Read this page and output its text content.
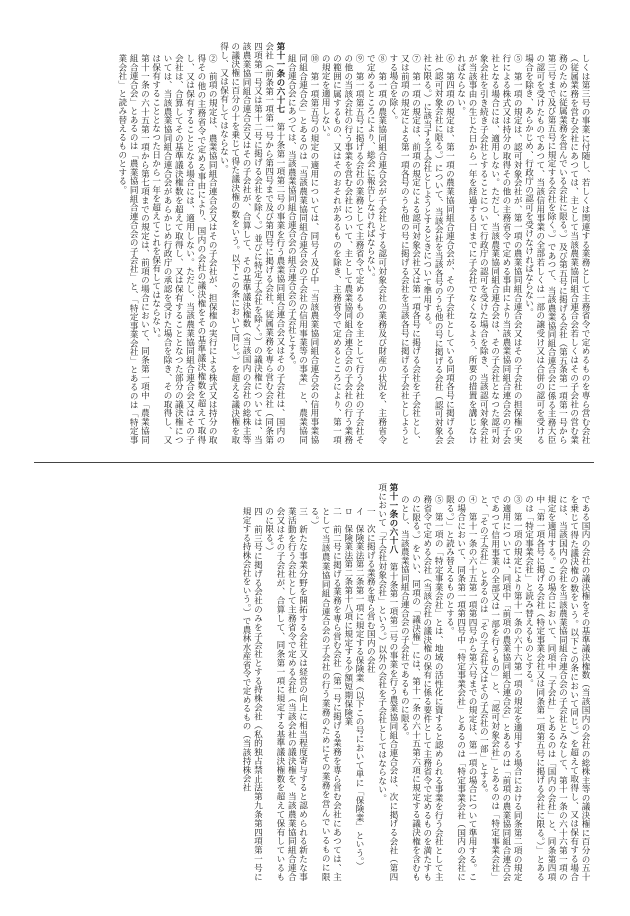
しくは第三号の事業に付随し、若しくは関連する業務として主務省令で定めるものを専ら営む会社（従属業務を営む会社にあつては、主として当該農業協同組合連合会若しくはその子会社の営む業務のために従属業務を営んでいる会社に限る。）及び第五号に掲げる会社（第五条第一項第一号から第三号まで及び第五号に規定する会社を除く。）であつて、当該農業協同組合連合会に係る主務大臣の認可を受けたものであつて、当該信用事業の全部若しくは一部の譲受け又は合併の認可を受ける場合を除き、あらかじめ、行政庁の認可を受けなければならない。

⑤　第一項の規定は、認可対象会社が、第一項の農業協同組合連合会又はその子会社の担保権の実行による株式又は持分の取得その他の主務省令で定める事由により当該農業協同組合連合会の子会社となる場合には、適用しない。ただし、当該農業協同組合連合会は、その子会社となつた認可対象会社を引き続き子会社とすることについて行政庁の認可を受けた場合を除き、当該認可対象会社が当該事由の生じた日から一年を経過する日までに子会社でなくなるよう、所要の措置を講じなければならない。

⑥　第四項の規定は、第一項の農業協同組合連合会が、その子会社としている同項各号に掲げる会社（認可対象会社に限る。）について、当該会社を当該各号のうち他の号に掲げる会社（認可対象会社に限る。）に該当する子会社としようとするときについて準用する。

⑦　第一項の規定は、前項の規定による認可対象会社又は第一項各号に掲げる会社を子会社とし、又は前項の規定による第一項各号のうち他の号に掲げる会社を当該各号に掲げる子会社としようとする場合を除く。

⑧　第一項の農業協同組合連合会が子会社とする認可対象会社の業務及び財産の状況を、主務省令で定めるところにより、総会に報告しなければならない。

⑨　第一項第五号に掲げる会社の業務として主務省令で定めるものを主として行う会社の子会社その他の当該会社の行う事業を営む会社について、主として農業協同組合連合会の子会社の行う業務の範囲に属するもの、又はそのおそれがあるものを除き、主務省令で定めるところにより、第一項の規定を適用しない。

⑩　第一項第五号の規定の適用については、同号イ及び中「当該農業協同組合連合会の信用事業協同組合連合会」とあるのは「当該農業協同組合連合会の子会社の信用事業等の事業」と、農業協同組合連合会にあつては、当該農業協同組合連合会の組合連合会の子会社とする。

第十一条の六十七　第十条第一項第二号の事業を行う農業協同組合連合会又はその子会社は、国内の会社（前条第一項第一号から第四号まで及び第四号に掲げる会社、従属業務を専ら営む会社（同条第四項第一号又は第十二号に掲げる会社を除く。）並びに特定子会社を除く。）の議決権については、当該農業協同組合連合会又はその子会社が、合算して、その基準議決権数（当該国内の会社の総株主等の議決権に百分の十を乗じて得た議決権の数をいう。以下この条において同じ。）を超える議決権を取得し、又は保有してはならない。

②　前項の規定は、農業協同組合連合会又はその子会社が、担保権の実行による株式又は持分の取得その他の主務省令で定める事由により、国内の会社の議決権をその基準議決権数を超えて取得し、又は保有することとなる場合には、適用しない。ただし、当該農業協同組合連合会又はその子会社は、合算してその基準議決権数を超えて取得し、又は保有することとなつた部分の議決権については、当該農業協同組合連合会があらかじめ行政庁の承認を受けた場合を除き、その取得し、又は保有することとなつた日から一年を超えてこれを保有してはならない。

第十一条の六十五第一項から第七項までの規定は、前項の場合において、同条第一項中「農業協同組合連合会」とあるのは「農業協同組合連合会の子会社」と、「特定事業会社」とあるのは「特定事業会社」と読み替えるものとする。

である国内の会社の議決権をその基準議決権数（当該国内の会社の総株主等の議決権に百分の五十を乗じて得た議決権の数をいう。以下この条において同じ。）を超えて取得し、又は保有する場合には、当該国内の会社を当該農業協同組合連合会の子会社とみなして、第十一条の六十六第一項の規定を適用する。この場合において、同項中「子会社」とあるのは「国内の会社」と、同条第四項中「第一項各号に掲げる会社（特定事業会社又は同条第一項第五号に掲げる会社に限る。）」とあるのは「特定事業会社」と読み替えるものとする。

③　第一項の規定により第十一条の六十六第一項の規定を適用する場合における同条第二項の規定の適用については、同項中「前項の農業協同組合連合会」とあるのは「前項の農業協同組合連合会であつて信用事業の全部又は一部を行うもの」と、「認可対象会社」とあるのは「特定事業会社」と、「その子会社」とあるのは「その子会社又はその子会社の一部」とする。

④　第十一条の六十五第一項第四号から第六号までの規定は、第一項の場合について準用する。この場合において、同条第一項第四号中「特定事業会社」とあるのは「特定事業会社（国内の会社に限る。）」と読み替えるものとする。

⑤　第一項の「特定事業会社」とは、地域の活性化に資すると認められる事業を行う会社として主務省令で定める会社（当該会社の議決権の保有に係る要件として主務省令で定めるものを満たすものに限る。）をいい、同項の「議決権」には、第十一条の六十五第六項に規定する議決権を含むものとし、当該農業協同組合連合会の子会社であるものに限る。

第十一条の六十八　第十条第一項第二号の事業を行う農業協同組合連合会は、次に掲げる会社（第四項において「子会社対象会社」という。）以外の会社を子会社としてはならない。

一　次に掲げる業務を専ら営む国内の会社

イ　保険業法第二条第一項に規定する保険業（以下この号において単に「保険業」という。）

ロ　保険業法第二条第十八項に規定する少額短期保険業

二　前二号に掲げる業務を専ら営む会社（第一号に掲げる業務を専ら営む会社にあつては、主として当該農業協同組合連合会の子会社の行う業務のためにその業務を営んでいるものに限る。）

三　新たな事業分野を開拓する会社又は経営の向上に相当程度寄与すると認められる新たな事業活動を行う会社として主務省令で定める会社（当該会社の議決権を、当該農業協同組合連合会又はその子会社が、合算して、同条第一項に規定する基準議決権数を超えて保有しているものに限る。）

四　前三号に掲げる会社のみを子会社とする持株会社（私的独占禁止法第九条第四項第一号に規定する持株会社をいう。）で農林水産省令で定めるもの（当該持株会社
